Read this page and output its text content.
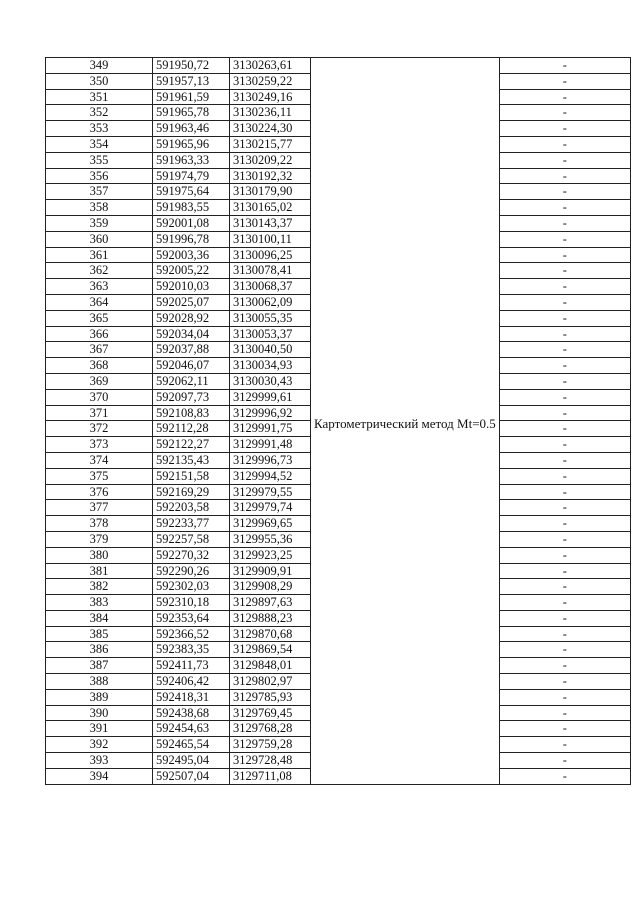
349	591950,72	3130263,61	Картометрический метод Mt=0.5	-
350	591957,13	3130259,22		-
351	591961,59	3130249,16		-
352	591965,78	3130236,11		-
353	591963,46	3130224,30		-
354	591965,96	3130215,77		-
355	591963,33	3130209,22		-
356	591974,79	3130192,32		-
357	591975,64	3130179,90		-
358	591983,55	3130165,02		-
359	592001,08	3130143,37		-
360	591996,78	3130100,11		-
361	592003,36	3130096,25		-
362	592005,22	3130078,41		-
363	592010,03	3130068,37		-
364	592025,07	3130062,09		-
365	592028,92	3130055,35		-
366	592034,04	3130053,37		-
367	592037,88	3130040,50		-
368	592046,07	3130034,93		-
369	592062,11	3130030,43		-
370	592097,73	3129999,61		-
371	592108,83	3129996,92		-
372	592112,28	3129991,75		-
373	592122,27	3129991,48		-
374	592135,43	3129996,73		-
375	592151,58	3129994,52		-
376	592169,29	3129979,55		-
377	592203,58	3129979,74		-
378	592233,77	3129969,65		-
379	592257,58	3129955,36		-
380	592270,32	3129923,25		-
381	592290,26	3129909,91		-
382	592302,03	3129908,29		-
383	592310,18	3129897,63		-
384	592353,64	3129888,23		-
385	592366,52	3129870,68		-
386	592383,35	3129869,54		-
387	592411,73	3129848,01		-
388	592406,42	3129802,97		-
389	592418,31	3129785,93		-
390	592438,68	3129769,45		-
391	592454,63	3129768,28		-
392	592465,54	3129759,28		-
393	592495,04	3129728,48		-
394	592507,04	3129711,08		-
